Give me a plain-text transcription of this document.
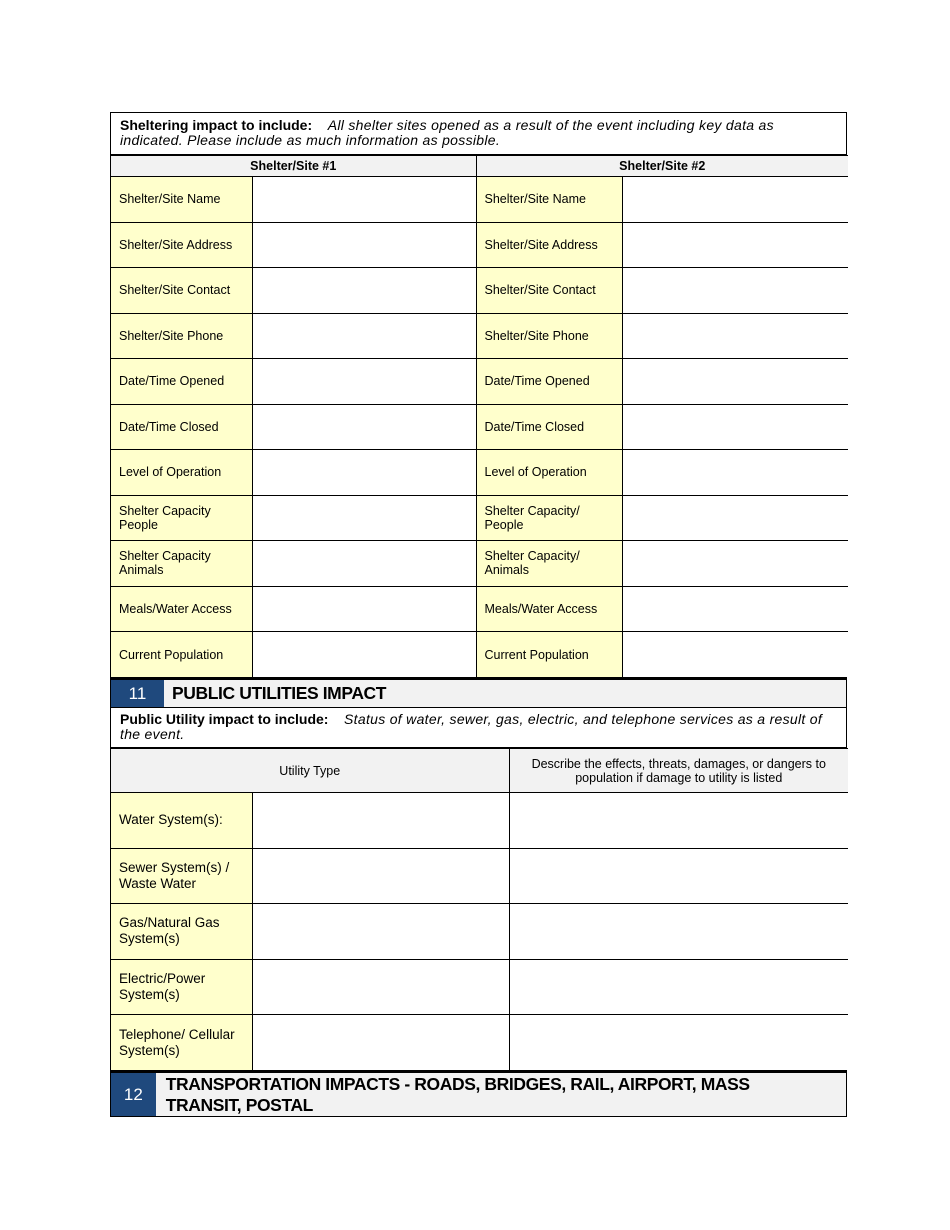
Sheltering impact to include: All shelter sites opened as a result of the event including key data as indicated. Please include as much information as possible.
Shelter/Site #1		Shelter/Site #2	
Shelter/Site Name		Shelter/Site Name	
Shelter/Site Address		Shelter/Site Address	
Shelter/Site Contact		Shelter/Site Contact	
Shelter/Site Phone		Shelter/Site Phone	
Date/Time Opened		Date/Time Opened	
Date/Time Closed		Date/Time Closed	
Level of Operation		Level of Operation	
Shelter Capacity People		Shelter Capacity/ People	
Shelter Capacity Animals		Shelter Capacity/ Animals	
Meals/Water Access		Meals/Water Access	
Current Population		Current Population	
11	PUBLIC UTILITIES IMPACT
Public Utility impact to include: Status of water, sewer, gas, electric, and telephone services as a result of the event.
Utility Type		Describe the effects, threats, damages, or dangers to population if damage to utility is listed
Water System(s):		
Sewer System(s) / Waste Water		
Gas/Natural Gas System(s)		
Electric/Power System(s)		
Telephone/ Cellular System(s)		
12
TRANSPORTATION IMPACTS - ROADS, BRIDGES, RAIL, AIRPORT, MASS TRANSIT, POSTAL
